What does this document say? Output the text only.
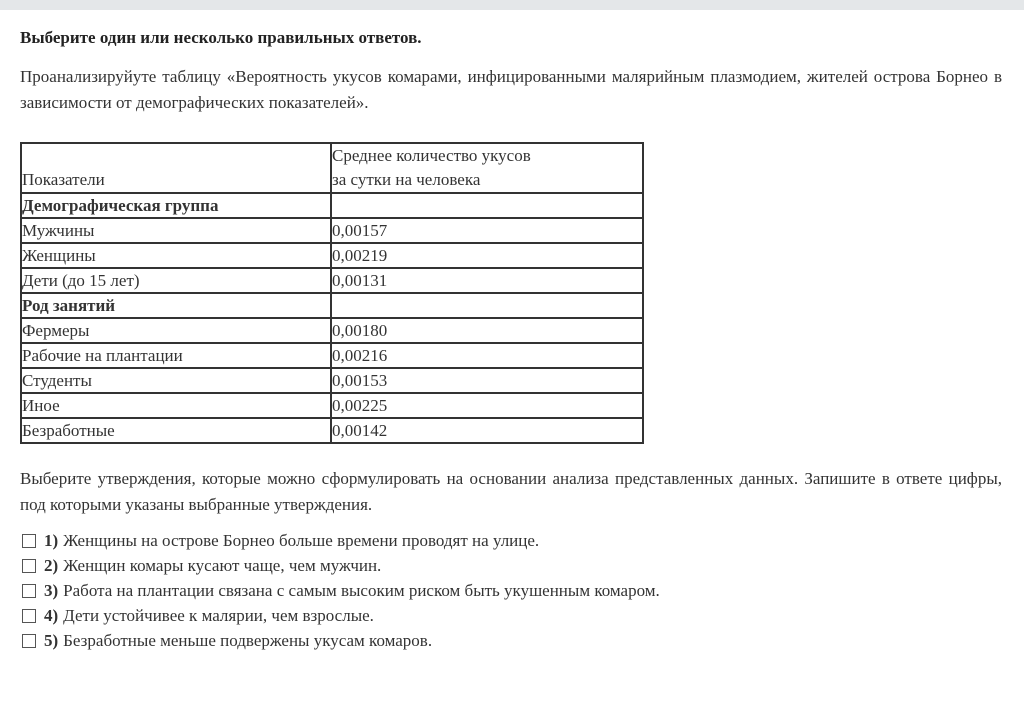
Выберите один или несколько правильных ответов.

Проанализируйуте таблицу «Вероятность укусов комарами, инфицированными малярийным плазмодием, жителей острова Борнео в зависимости от демографических показателей».

Показатели	Среднее количество укусов
за сутки на человека
Демографическая группа	
Мужчины	0,00157
Женщины	0,00219
Дети (до 15 лет)	0,00131
Род занятий	
Фермеры	0,00180
Рабочие на плантации	0,00216
Студенты	0,00153
Иное	0,00225
Безработные	0,00142

Выберите утверждения, которые можно сформулировать на основании анализа представленных данных. Запишите в ответе цифры, под которыми указаны выбранные утверждения.

1) Женщины на острове Борнео больше времени проводят на улице.
2) Женщин комары кусают чаще, чем мужчин.
3) Работа на плантации связана с самым высоким риском быть укушенным комаром.
4) Дети устойчивее к малярии, чем взрослые.
5) Безработные меньше подвержены укусам комаров.
